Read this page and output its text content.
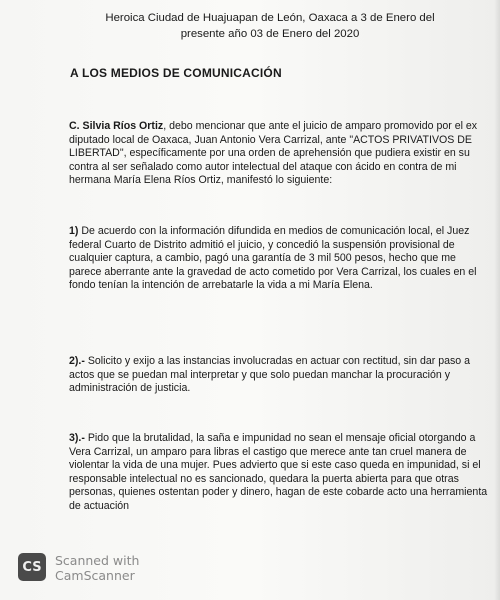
Heroica Ciudad de Huajuapan de León, Oaxaca a 3 de Enero del
presente año 03 de Enero del 2020
A LOS MEDIOS DE COMUNICACIÓN
C. Silvia Ríos Ortiz, debo mencionar que ante el juicio de amparo promovido por el ex diputado local de Oaxaca, Juan Antonio Vera Carrizal, ante "ACTOS PRIVATIVOS DE LIBERTAD", específicamente por una orden de aprehensión que pudiera existir en su contra al ser señalado como autor intelectual del ataque con ácido en contra de mi hermana María Elena Ríos Ortiz, manifestó lo siguiente:
1) De acuerdo con la información difundida en medios de comunicación local, el Juez federal Cuarto de Distrito admitió el juicio, y concedió la suspensión provisional de cualquier captura, a cambio, pagó una garantía de 3 mil 500 pesos, hecho que me parece aberrante ante la gravedad de acto cometido por Vera Carrizal, los cuales en el fondo tenían la intención de arrebatarle la vida a mi María Elena.
2).- Solicito y exijo a las instancias involucradas en actuar con rectitud, sin dar paso a actos que se puedan mal interpretar y que solo puedan manchar la procuración y administración de justicia.
3).- Pido que la brutalidad, la saña e impunidad no sean el mensaje oficial otorgando a Vera Carrizal, un amparo para libras el castigo que merece ante tan cruel manera de violentar la vida de una mujer. Pues advierto que si este caso queda en impunidad, si el responsable intelectual no es sancionado, quedara la puerta abierta para que otras personas, quienes ostentan poder y dinero, hagan de este cobarde acto una herramienta de actuación
CS Scanned with
CamScanner
